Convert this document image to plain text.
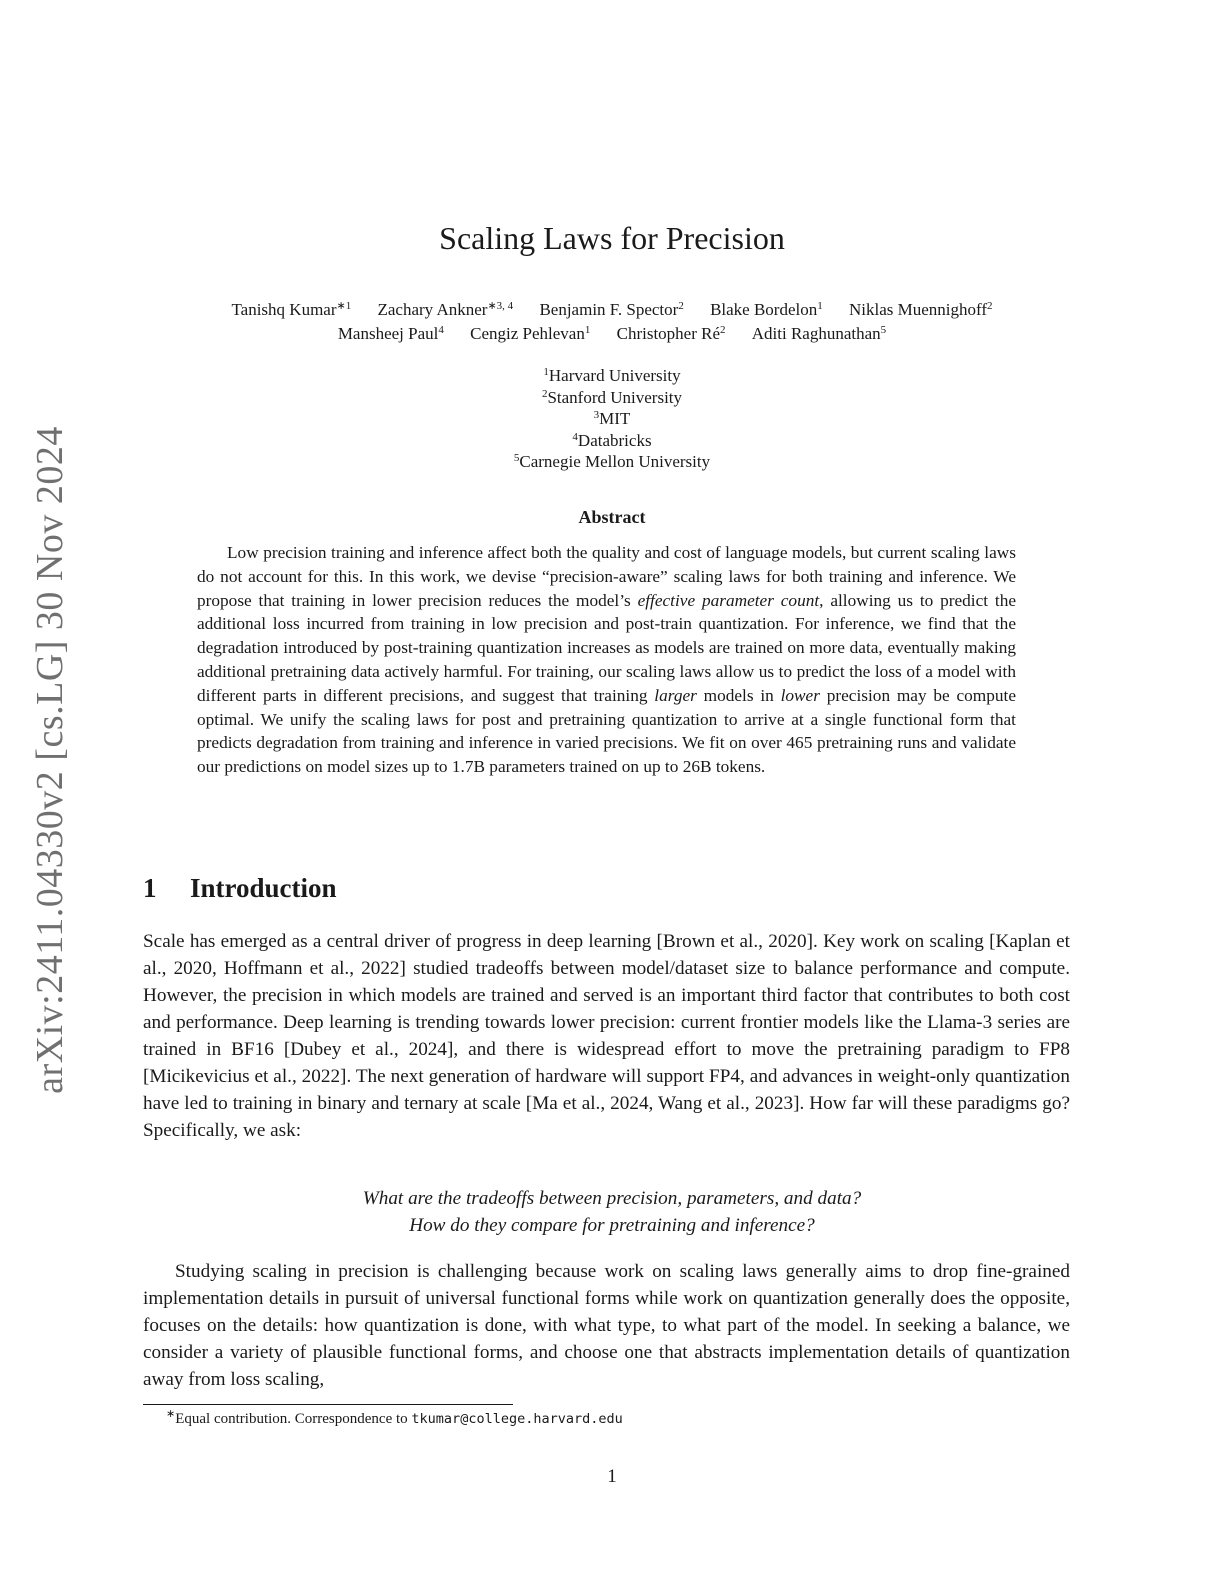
arXiv:2411.04330v2 [cs.LG] 30 Nov 2024
Scaling Laws for Precision
Tanishq Kumar$^{∗1}$ Zachary Ankner$^{∗3, 4}$ Benjamin F. Spector$^2$ Blake Bordelon$^1$ Niklas Muennighoff$^2$
Mansheej Paul$^4$ Cengiz Pehlevan$^1$ Christopher $Ré^2$ Aditi Raghunathan$^5$
$^1$Harvard University
$^2$Stanford University
$^3$MIT
$^4$Databricks
$^5$Carnegie Mellon University
Abstract

Low precision training and inference affect both the quality and cost of language models, but current scaling laws do not account for this. In this work, we devise “precision-aware” scaling laws for both training and inference. We propose that training in lower precision reduces the model’s effective parameter count, allowing us to predict the additional loss incurred from training in low precision and post-train quantization. For inference, we find that the degradation introduced by post-training quantization increases as models are trained on more data, eventually making additional pretraining data actively harmful. For training, our scaling laws allow us to predict the loss of a model with different parts in different precisions, and suggest that training larger models in lower precision may be compute optimal. We unify the scaling laws for post and pretraining quantization to arrive at a single functional form that predicts degradation from training and inference in varied precisions. We fit on over 465 pretraining runs and validate our predictions on model sizes up to 1.7B parameters trained on up to 26B tokens.

1 Introduction

Scale has emerged as a central driver of progress in deep learning [Brown et al., 2020]. Key work on scaling [Kaplan et al., 2020, Hoffmann et al., 2022] studied tradeoffs between model/dataset size to balance performance and compute. However, the precision in which models are trained and served is an important third factor that contributes to both cost and performance. Deep learning is trending towards lower precision: current frontier models like the Llama-3 series are trained in BF16 [Dubey et al., 2024], and there is widespread effort to move the pretraining paradigm to FP8 [Micikevicius et al., 2022]. The next generation of hardware will support FP4, and advances in weight-only quantization have led to training in binary and ternary at scale [Ma et al., 2024, Wang et al., 2023]. How far will these paradigms go? Specifically, we ask:

What are the tradeoffs between precision, parameters, and data?
How do they compare for pretraining and inference?

Studying scaling in precision is challenging because work on scaling laws generally aims to drop fine-grained implementation details in pursuit of universal functional forms while work on quantization generally does the opposite, focuses on the details: how quantization is done, with what type, to what part of the model. In seeking a balance, we consider a variety of plausible functional forms, and choose one that abstracts implementation details of quantization away from loss scaling,

∗Equal contribution. Correspondence to tkumar@college.harvard.edu
1
